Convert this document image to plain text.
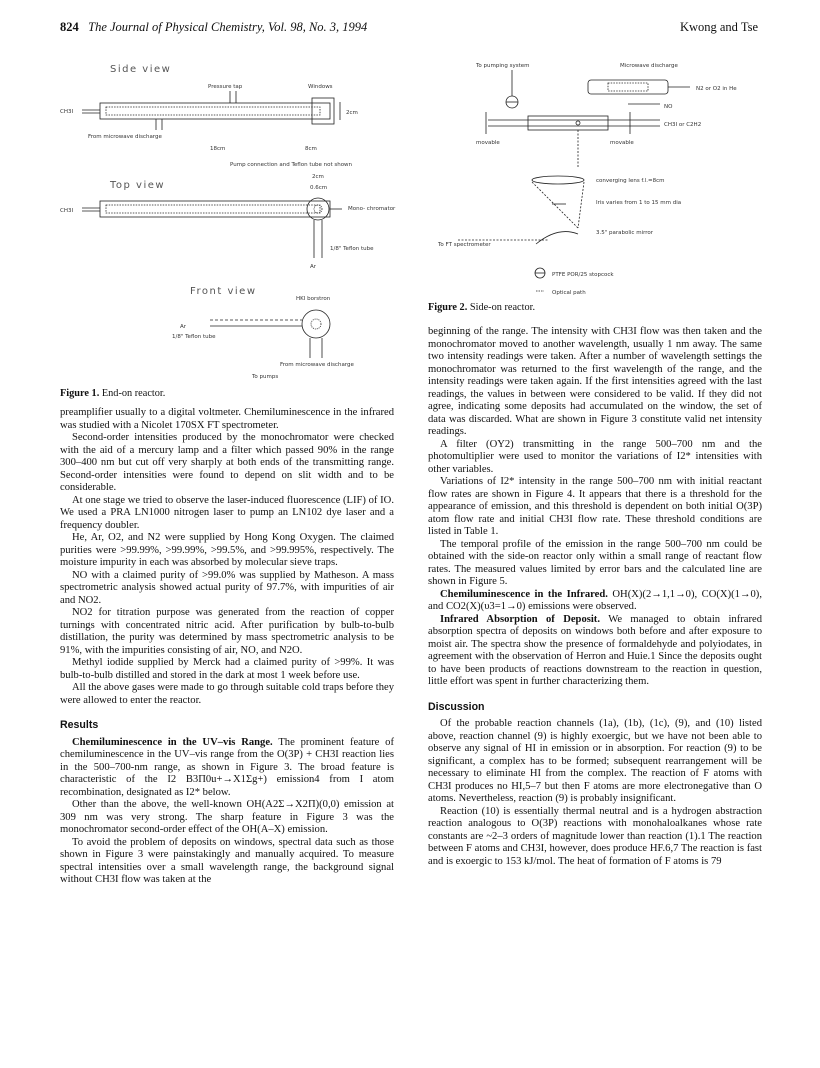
824 The Journal of Physical Chemistry, Vol. 98, No. 3, 1994	Kwong and Tse
Side view
Pressure tap	Windows
CH3I	2cm
From microwave discharge
18cm	8cm
Pump connection and Teflon tube not shown
Top view
2cm
0.6cm
CH3I	Mono- chromator
1/8" Teflon tube
Ar
Front view
HKI borstron
Ar
1/8" Teflon tube
From microwave discharge
To pumps
Figure 1. End-on reactor.
To pumping system	Microwave discharge
N2 or O2 in He
NO
CH3I or C2H2
movable	movable
converging lens f.l.=8cm
Iris varies from 1 to 15 mm dia
3.5" parabolic mirror
To FT spectrometer
PTFE POR/25 stopcock
Optical path
Figure 2. Side-on reactor.

preamplifier usually to a digital voltmeter. Chemiluminescence in the infrared was studied with a Nicolet 170SX FT spectrometer.

Second-order intensities produced by the monochromator were checked with the aid of a mercury lamp and a filter which passed 90% in the range 300–400 nm but cut off very sharply at both ends of the transmitting range. Second-order intensities were found to depend on slit width and to be considerable.

At one stage we tried to observe the laser-induced fluorescence (LIF) of IO. We used a PRA LN1000 nitrogen laser to pump an LN102 dye laser and a frequency doubler.

He, Ar, O2, and N2 were supplied by Hong Kong Oxygen. The claimed purities were >99.99%, >99.99%, >99.5%, and >99.995%, respectively. The moisture impurity in each was absorbed by molecular sieve traps.

NO with a claimed purity of >99.0% was supplied by Matheson. A mass spectrometric analysis showed actual purity of 97.7%, with impurities of air and NO2.

NO2 for titration purpose was generated from the reaction of copper turnings with concentrated nitric acid. After purification by bulb-to-bulb distillation, the purity was determined by mass spectrometric analysis to be 91%, with the impurities consisting of air, NO, and N2O.

Methyl iodide supplied by Merck had a claimed purity of >99%. It was bulb-to-bulb distilled and stored in the dark at most 1 week before use.

All the above gases were made to go through suitable cold traps before they were allowed to enter the reactor.

Results

Chemiluminescence in the UV–vis Range. The prominent feature of chemiluminescence in the UV–vis range from the O(3P) + CH3I reaction lies in the 500–700-nm range, as shown in Figure 3. The broad feature is characteristic of the I2 B3Π0u+→X1Σg+) emission4 from I atom recombination, designated as I2* below.

Other than the above, the well-known OH(A2Σ→X2Π)(0,0) emission at 309 nm was very strong. The sharp feature in Figure 3 was the monochromator second-order effect of the OH(A–X) emission.

To avoid the problem of deposits on windows, spectral data such as those shown in Figure 3 were painstakingly and manually acquired. To measure spectral intensities over a small wavelength range, the background signal without CH3I flow was taken at the

beginning of the range. The intensity with CH3I flow was then taken and the monochromator moved to another wavelength, usually 1 nm away. The same two intensity readings were taken. After a number of wavelength settings the monochromator was returned to the first wavelength of the range, and the intensity readings were taken again. If the first intensities agreed with the last readings, the values in between were considered to be valid. If they did not agree, indicating some deposits had accumulated on the window, the set of data was discarded. What are shown in Figure 3 constitute valid net intensity readings.

A filter (OY2) transmitting in the range 500–700 nm and the photomultiplier were used to monitor the variations of I2* intensities with other variables.

Variations of I2* intensity in the range 500–700 nm with initial reactant flow rates are shown in Figure 4. It appears that there is a threshold for the appearance of emission, and this threshold is dependent on both initial O(3P) atom flow rate and initial CH3I flow rate. These threshold conditions are listed in Table 1.

The temporal profile of the emission in the range 500–700 nm could be obtained with the side-on reactor only within a small range of reactant flow rates. The measured values limited by error bars and the calculated line are shown in Figure 5.

Chemiluminescence in the Infrared. OH(X)(2→1,1→0), CO(X)(1→0), and CO2(X)(υ3=1→0) emissions were observed.

Infrared Absorption of Deposit. We managed to obtain infrared absorption spectra of deposits on windows both before and after exposure to moist air. The spectra show the presence of formaldehyde and polyiodates, in agreement with the observation of Herron and Huie.1 Since the deposits ought to have been products of reactions downstream to the reaction in question, little effort was spent in further characterizing them.

Discussion

Of the probable reaction channels (1a), (1b), (1c), (9), and (10) listed above, reaction channel (9) is highly exoergic, but we have not been able to observe any signal of HI in emission or in absorption. For reaction (9) to be significant, a complex has to be formed; subsequent rearrangement will be necessary to eliminate HI from the complex. The reaction of F atoms with CH3I produces no HI,5–7 but then F atoms are more electronegative than O atoms. Nevertheless, reaction (9) is probably insignificant.

Reaction (10) is essentially thermal neutral and is a hydrogen abstraction reaction analogous to O(3P) reactions with monohaloalkanes whose rate constants are ~2–3 orders of magnitude lower than reaction (1).1 The reaction between F atoms and CH3I, however, does produce HF.6,7 The reaction is fast and is exoergic to 153 kJ/mol. The heat of formation of F atoms is 79
